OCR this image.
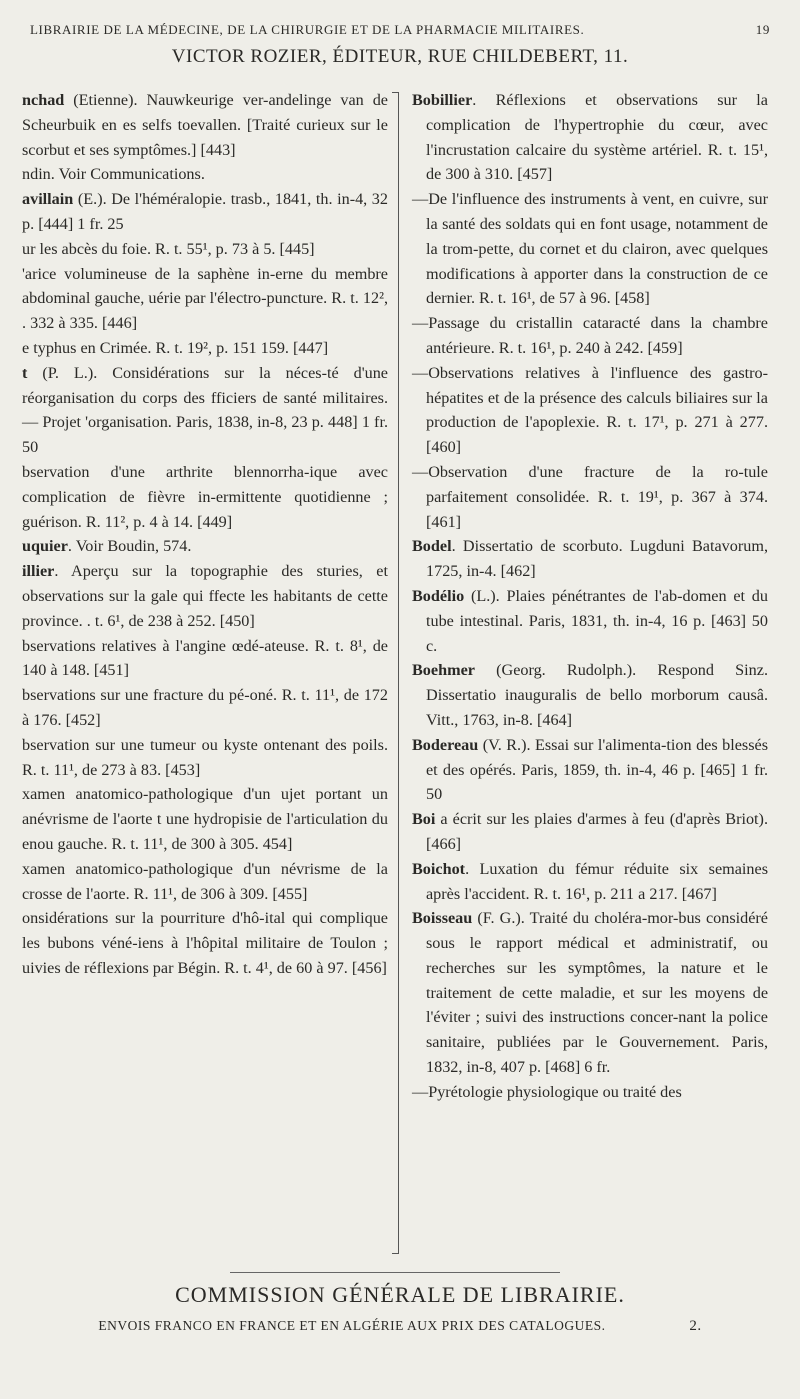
LIBRAIRIE DE LA MÉDECINE, DE LA CHIRURGIE ET DE LA PHARMACIE MILITAIRES.	19
VICTOR ROZIER, ÉDITEUR, RUE CHILDEBERT, 11.

nchad (Etienne). Nauwkeurige ver-andelinge van de Scheurbuik en es selfs toevallen. [Traité curieux sur le scorbut et ses symptômes.] [443]

ndin. Voir Communications.

avillain (E.). De l'héméralopie. trasb., 1841, th. in-4, 32 p. [444] 1 fr. 25

ur les abcès du foie. R. t. 55¹, p. 73 à 5. [445]

'arice volumineuse de la saphène in-erne du membre abdominal gauche, uérie par l'électro-puncture. R. t. 12², . 332 à 335. [446]

e typhus en Crimée. R. t. 19², p. 151 159. [447]

t (P. L.). Considérations sur la néces-té d'une réorganisation du corps des fficiers de santé militaires. — Projet 'organisation. Paris, 1838, in-8, 23 p. 448] 1 fr. 50

bservation d'une arthrite blennorrha-ique avec complication de fièvre in-ermittente quotidienne ; guérison. R. 11², p. 4 à 14. [449]

uquier. Voir Boudin, 574.

illier. Aperçu sur la topographie des sturies, et observations sur la gale qui ffecte les habitants de cette province. . t. 6¹, de 238 à 252. [450]

bservations relatives à l'angine œdé-ateuse. R. t. 8¹, de 140 à 148. [451]

bservations sur une fracture du pé-oné. R. t. 11¹, de 172 à 176. [452]

bservation sur une tumeur ou kyste ontenant des poils. R. t. 11¹, de 273 à 83. [453]

xamen anatomico-pathologique d'un ujet portant un anévrisme de l'aorte t une hydropisie de l'articulation du enou gauche. R. t. 11¹, de 300 à 305. 454]

xamen anatomico-pathologique d'un névrisme de la crosse de l'aorte. R. 11¹, de 306 à 309. [455]

onsidérations sur la pourriture d'hô-ital qui complique les bubons véné-iens à l'hôpital militaire de Toulon ; uivies de réflexions par Bégin. R. t. 4¹, de 60 à 97. [456]

Bobillier. Réflexions et observations sur la complication de l'hypertrophie du cœur, avec l'incrustation calcaire du système artériel. R. t. 15¹, de 300 à 310. [457]

—De l'influence des instruments à vent, en cuivre, sur la santé des soldats qui en font usage, notamment de la trom-pette, du cornet et du clairon, avec quelques modifications à apporter dans la construction de ce dernier. R. t. 16¹, de 57 à 96. [458]

—Passage du cristallin cataracté dans la chambre antérieure. R. t. 16¹, p. 240 à 242. [459]

—Observations relatives à l'influence des gastro-hépatites et de la présence des calculs biliaires sur la production de l'apoplexie. R. t. 17¹, p. 271 à 277. [460]

—Observation d'une fracture de la ro-tule parfaitement consolidée. R. t. 19¹, p. 367 à 374. [461]

Bodel. Dissertatio de scorbuto. Lugduni Batavorum, 1725, in-4. [462]

Bodélio (L.). Plaies pénétrantes de l'ab-domen et du tube intestinal. Paris, 1831, th. in-4, 16 p. [463] 50 c.

Boehmer (Georg. Rudolph.). Respond Sinz. Dissertatio inauguralis de bello morborum causâ. Vitt., 1763, in-8. [464]

Bodereau (V. R.). Essai sur l'alimenta-tion des blessés et des opérés. Paris, 1859, th. in-4, 46 p. [465] 1 fr. 50

Boi a écrit sur les plaies d'armes à feu (d'après Briot). [466]

Boichot. Luxation du fémur réduite six semaines après l'accident. R. t. 16¹, p. 211 a 217. [467]

Boisseau (F. G.). Traité du choléra-mor-bus considéré sous le rapport médical et administratif, ou recherches sur les symptômes, la nature et le traitement de cette maladie, et sur les moyens de l'éviter ; suivi des instructions concer-nant la police sanitaire, publiées par le Gouvernement. Paris, 1832, in-8, 407 p. [468] 6 fr.

—Pyrétologie physiologique ou traité des

COMMISSION GÉNÉRALE DE LIBRAIRIE.
ENVOIS FRANCO EN FRANCE ET EN ALGÉRIE AUX PRIX DES CATALOGUES.	2.
